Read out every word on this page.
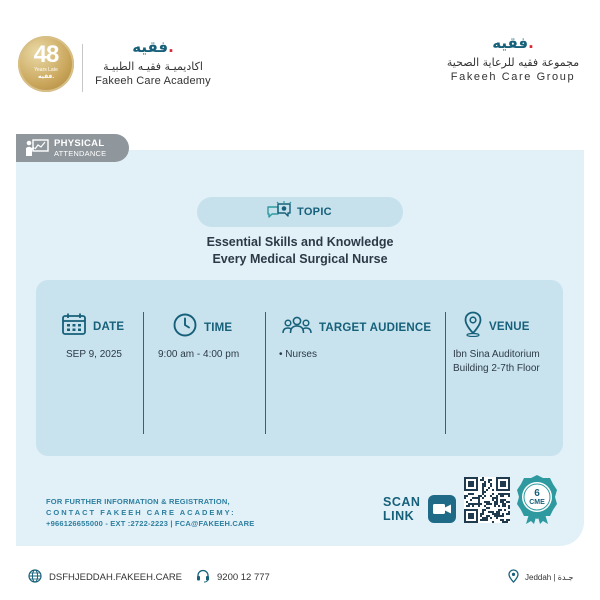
48
Years Late
فقيه.
فقيه.
اكاديميـة فقيـه الطبيـة
Fakeeh Care Academy
فقيه.
مجموعة فقيه للرعاية الصحية
Fakeeh Care Group
PHYSICAL
ATTENDANCE
TOPIC
Essential Skills and Knowledge
Every Medical Surgical Nurse
DATE
SEP 9, 2025
TIME
9:00 am - 4:00 pm
TARGET AUDIENCE
• Nurses
VENUE
Ibn Sina Auditorium
Building 2-7th Floor
FOR FURTHER INFORMATION & REGISTRATION,
CONTACT FAKEEH CARE ACADEMY:
+966126655000 - EXT :2722-2223 | FCA@FAKEEH.CARE
SCAN
LINK
6
CME
DSFHJEDDAH.FAKEEH.CARE	9200 12 777	Jeddah | جـدة
